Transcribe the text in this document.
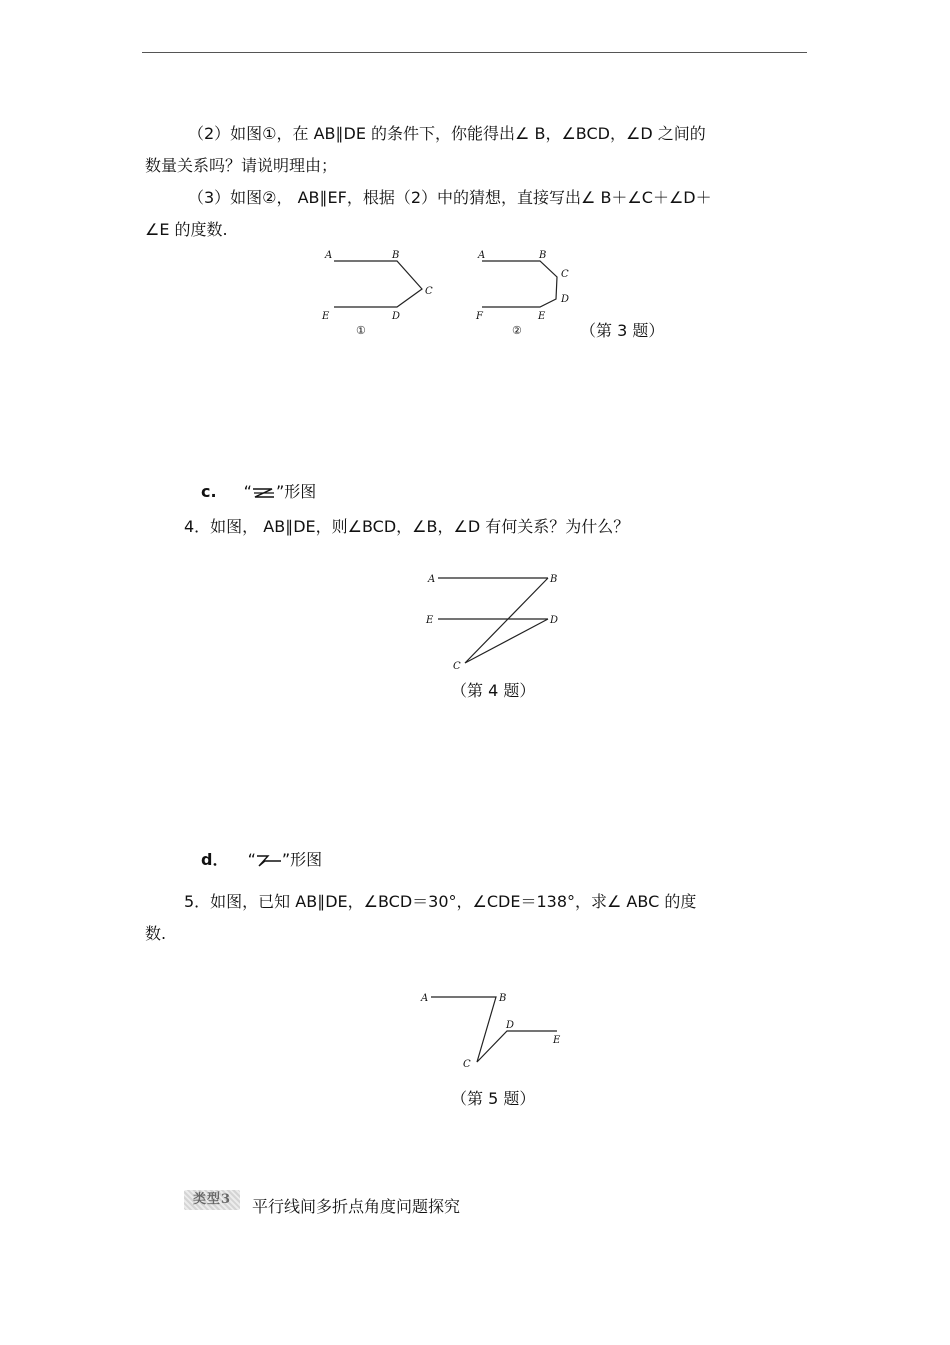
（2）如图①，在 AB∥DE 的条件下，你能得出∠ B，∠BCD，∠D 之间的
数量关系吗？请说明理由；
（3）如图②， AB∥EF，根据（2）中的猜想，直接写出∠ B＋∠C＋∠D＋
∠E 的度数.
A	B
C
D
E
①
A	B
C
D
E
F
②	（第 3 题）
c. “ ”形图
4．如图， AB∥DE，则∠BCD，∠B，∠D 有何关系？为什么？
A	B
E	D
C
（第 4 题）
d． “ ”形图
5．如图，已知 AB∥DE，∠BCD＝30°，∠CDE＝138°，求∠ ABC 的度
数.
A	B
D
E
C
（第 5 题）
类型3	平行线间多折点角度问题探究
